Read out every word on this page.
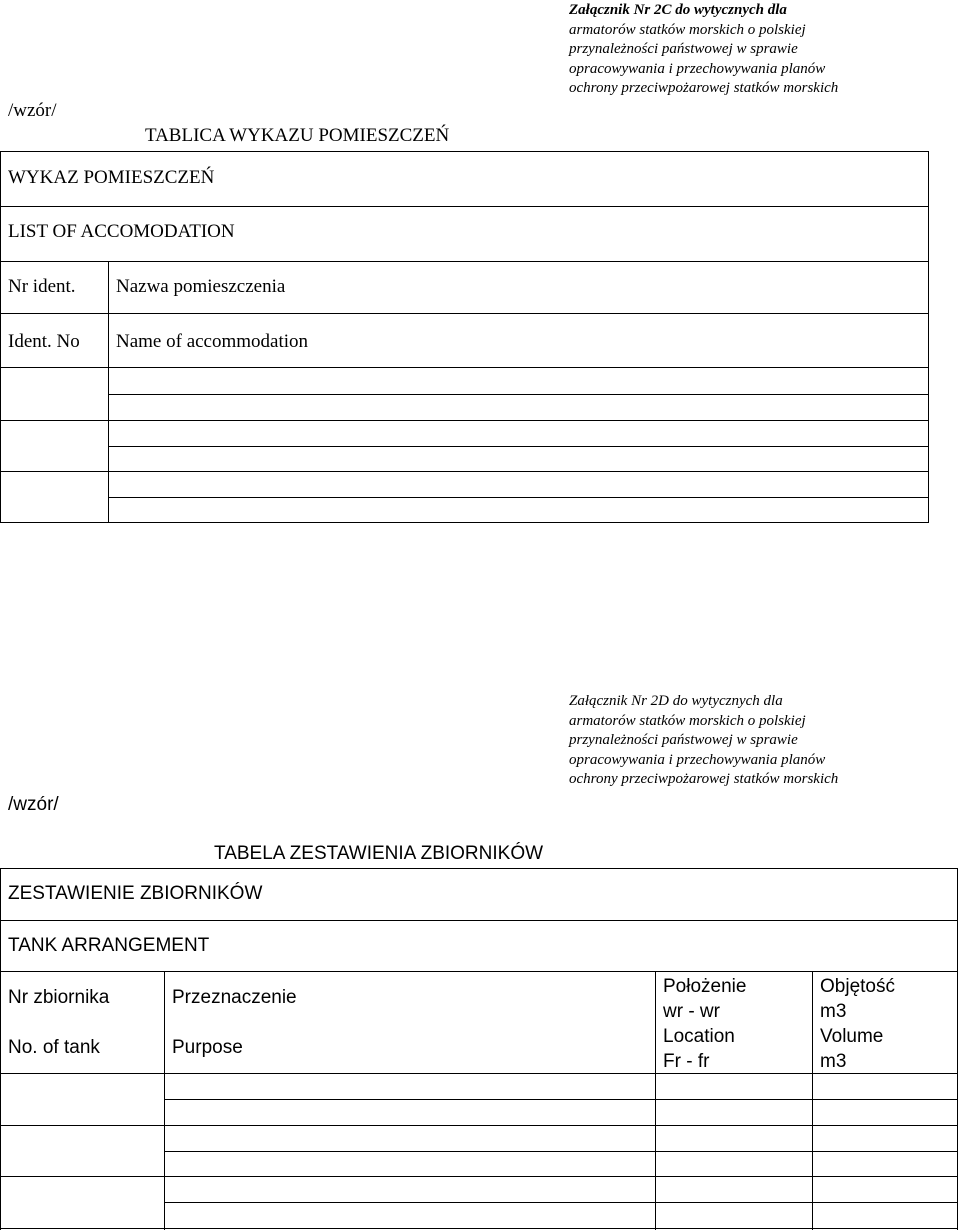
Załącznik Nr 2C do wytycznych dla
armatorów statków morskich o polskiej
przynależności państwowej w sprawie
opracowywania i przechowywania planów
ochrony przeciwpożarowej statków morskich
/wzór/
TABLICA WYKAZU POMIESZCZEŃ
WYKAZ POMIESZCZEŃ
LIST OF ACCOMODATION
Nr ident. Nazwa pomieszczenia
Ident. No Name of accommodation
Załącznik Nr 2D do wytycznych dla
armatorów statków morskich o polskiej
przynależności państwowej w sprawie
opracowywania i przechowywania planów
ochrony przeciwpożarowej statków morskich
/wzór/
TABELA ZESTAWIENIA ZBIORNIKÓW
ZESTAWIENIE ZBIORNIKÓW
TANK ARRANGEMENT
Nr zbiornika
No. of tank
Przeznaczenie
Purpose
Położenie
wr - wr
Location
Fr - fr
Objętość
m3
Volume
m3
